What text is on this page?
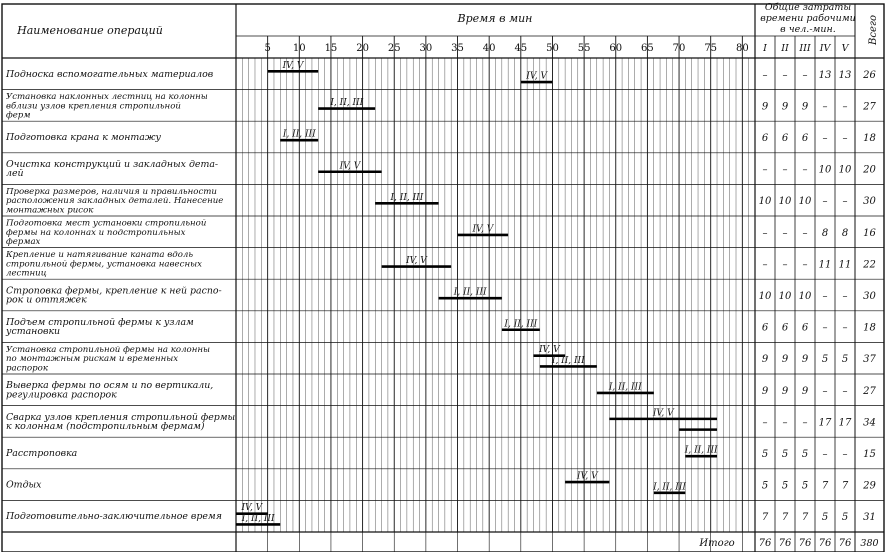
Наименование операций
Время в мин
Общие затраты
времени рабочими
в чел.-мин.	Всего
5 10 15 20 25 30 35 40 45 50 55 60 65 70 75 80 I II III IV V
Подноска вспомогательных материалов
IV, V
IV, V	– – – 13 13 26
Установка наклонных лестниц на колонны
вблизи узлов крепления стропильной
ферм
I, II, III	9 9 9 – – 27
Подготовка крана к монтажу	I, II, III	6 6 6 – – 18
Очистка конструкций и закладных дета-
лей
IV, V	– – – 10 10 20
Проверка размеров, наличия и правильности
расположения закладных деталей. Нанесение
монтажных рисок
I, II, III	10 10 10 – – 30
Подготовка мест установки стропильной
фермы на колоннах и подстропильных
фермах
IV, V	– – – 8 8 16
Крепление и натягивание каната вдоль
стропильной фермы, установка навесных
лестниц
IV, V	– – – 11 11 22
Строповка фермы, крепление к ней распо-
рок и оттяжек
I, II, III	10 10 10 – – 30
Подъем стропильной фермы к узлам
установки
I, II, III	6 6 6 – – 18
Установка стропильной фермы на колонны
по монтажным рискам и временных
распорок
IV, V
I, II, III	9 9 9 5 5 37
Выверка фермы по осям и по вертикали,
регулировка распорок
I, II, III	9 9 9 – – 27
Сварка узлов крепления стропильной фермы
к колоннам (подстропильным фермам)
IV, V
– – – 17 17 34
Расстроповка	I, II, III	5 5 5 – – 15
Отдых
IV, V
I, II, III	5 5 5 7 7 29
Подготовительно-заключительное время
IV, V
I, II, III	7 7 7 5 5 31
Итого 76 76 76 76 76 380
